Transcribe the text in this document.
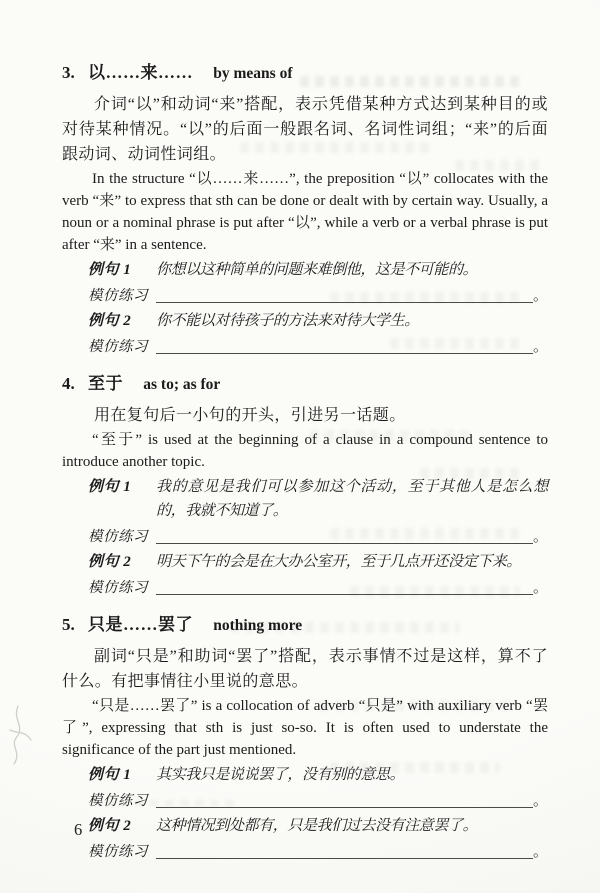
3. 以……来…… by means of

介词“以”和动词“来”搭配，表示凭借某种方式达到某种目的或对待某种情况。“以”的后面一般跟名词、名词性词组；“来”的后面跟动词、动词性词组。

In the structure “以……来……”, the preposition “以” collocates with the verb “来” to express that sth can be done or dealt with by certain way. Usually, a noun or a nominal phrase is put after “以”, while a verb or a verbal phrase is put after “来” in a sentence.

例句 1	你想以这种简单的问题来难倒他，这是不可能的。
模仿练习	。
例句 2	你不能以对待孩子的方法来对待大学生。
模仿练习	。
4. 至于 as to; as for

用在复句后一小句的开头，引进另一话题。

“至于” is used at the beginning of a clause in a compound sentence to introduce another topic.

例句 1	我的意见是我们可以参加这个活动，至于其他人是怎么想的，我就不知道了。
模仿练习	。
例句 2	明天下午的会是在大办公室开，至于几点开还没定下来。
模仿练习	。
5. 只是……罢了 nothing more

副词“只是”和助词“罢了”搭配，表示事情不过是这样，算不了什么。有把事情往小里说的意思。

“只是……罢了” is a collocation of adverb “只是” with auxiliary verb “罢了”, expressing that sth is just so-so. It is often used to understate the significance of the part just mentioned.

例句 1	其实我只是说说罢了，没有别的意思。
模仿练习	。
例句 2	这种情况到处都有，只是我们过去没有注意罢了。
模仿练习	。
6
